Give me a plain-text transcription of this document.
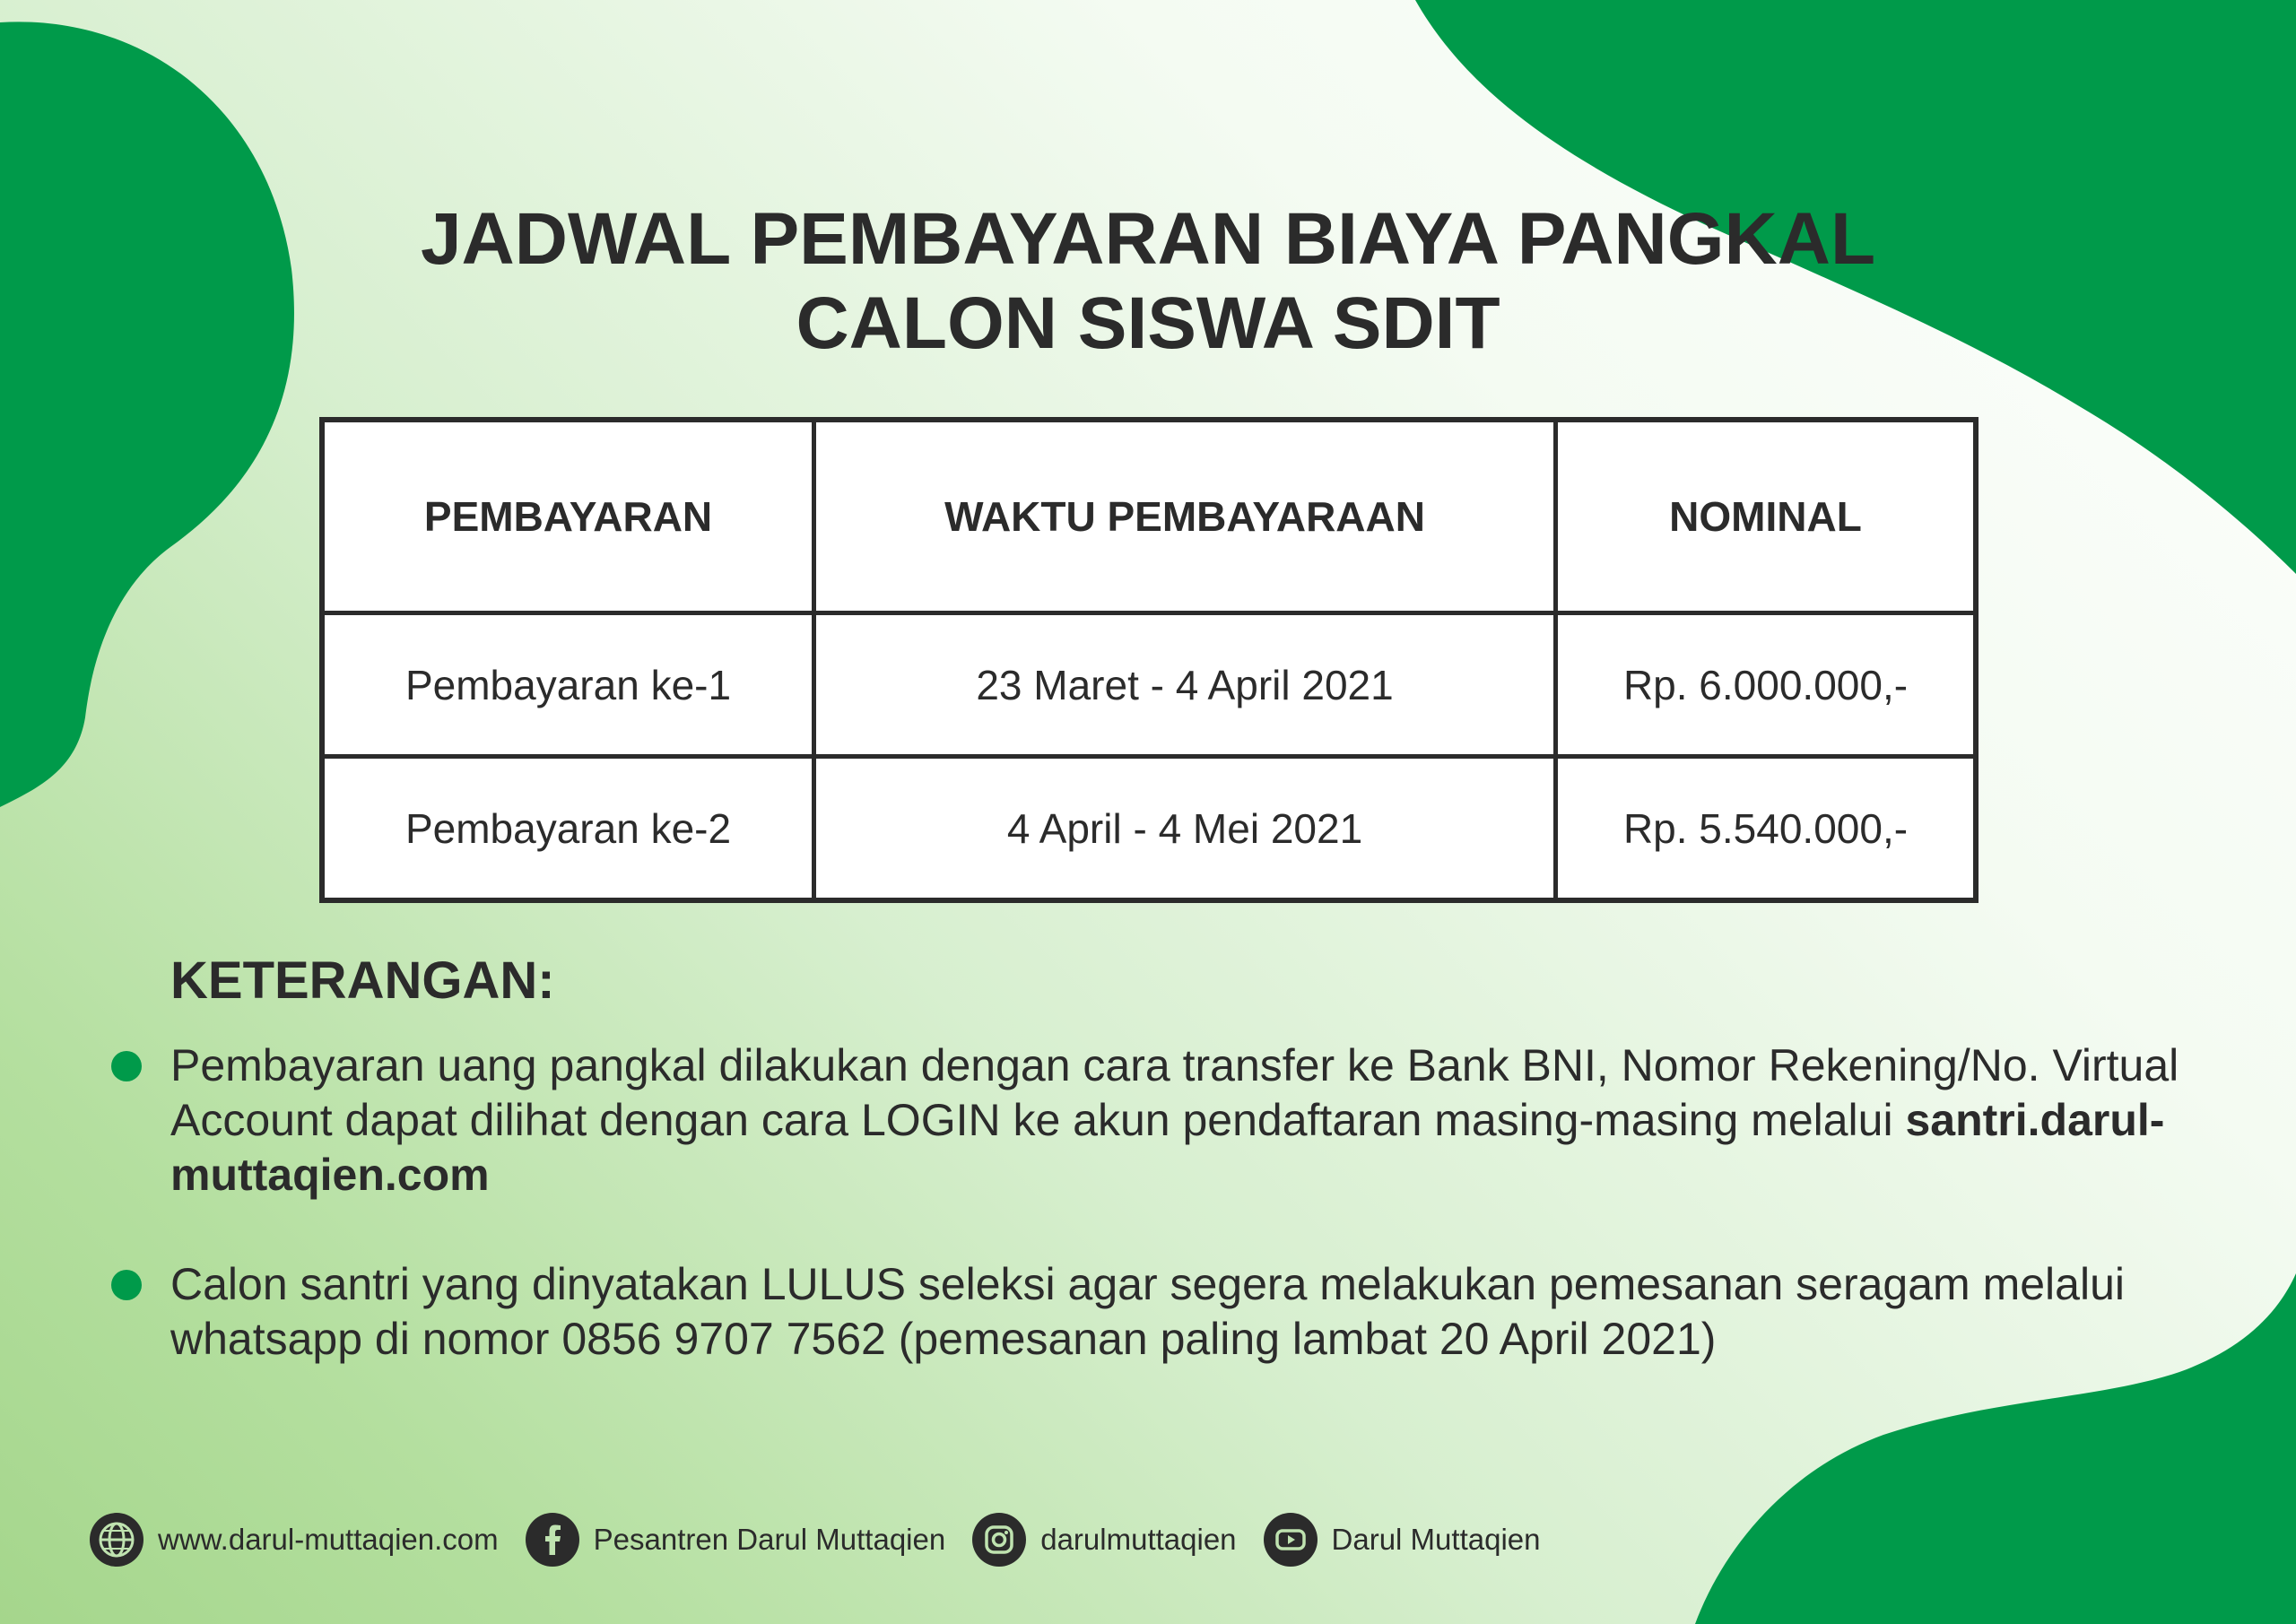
JADWAL PEMBAYARAN BIAYA PANGKAL
CALON SISWA SDIT
PEMBAYARAN	WAKTU PEMBAYARAAN	NOMINAL
Pembayaran ke-1	23 Maret - 4 April 2021	Rp. 6.000.000,-
Pembayaran ke-2	4 April - 4 Mei 2021	Rp. 5.540.000,-
KETERANGAN:

Pembayaran uang pangkal dilakukan dengan cara transfer ke Bank BNI, Nomor Rekening/No. Virtual Account dapat dilihat dengan cara LOGIN ke akun pendaftaran masing-masing melalui santri.darul-muttaqien.com

Calon santri yang dinyatakan LULUS seleksi agar segera melakukan pemesanan seragam melalui whatsapp di nomor 0856 9707 7562 (pemesanan paling lambat 20 April 2021)

www.darul-muttaqien.com	Pesantren Darul Muttaqien	darulmuttaqien	Darul Muttaqien
